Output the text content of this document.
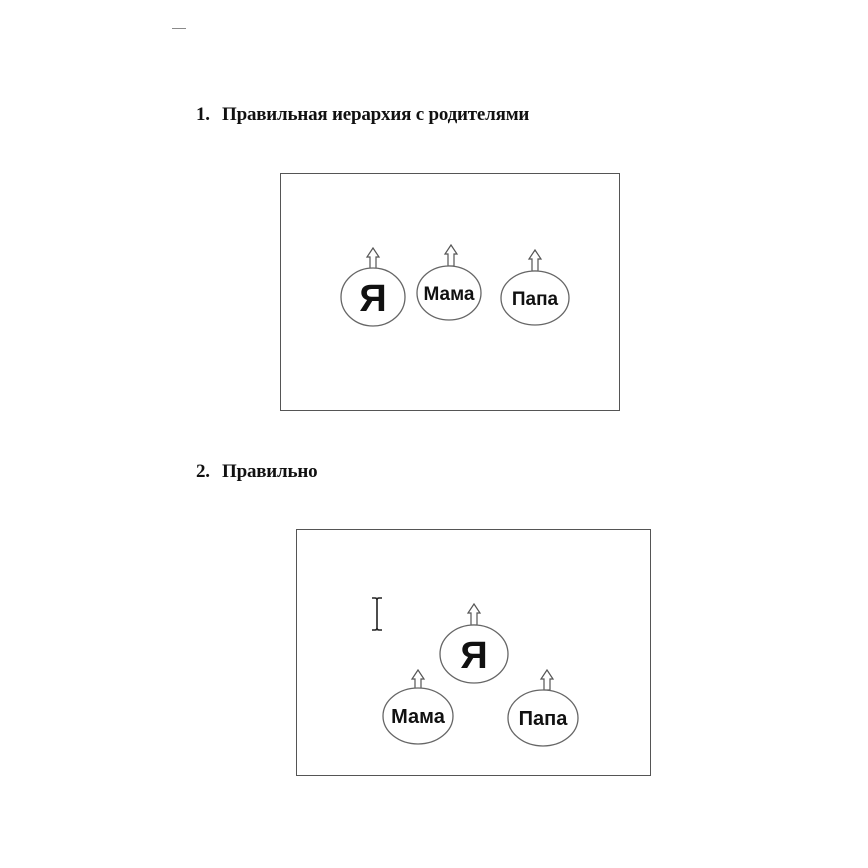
1. Правильная иерархия с родителями
Я Мама Папа
2. Правильно
Я
Мама	Папа
